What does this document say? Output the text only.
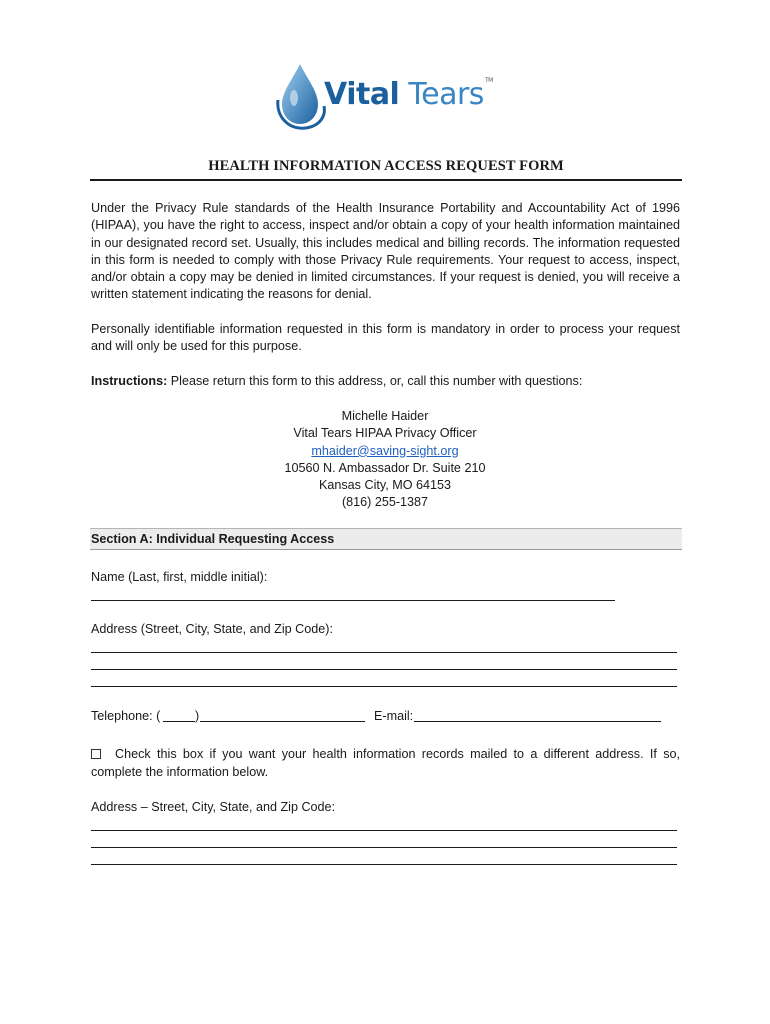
Vital Tears™
HEALTH INFORMATION ACCESS REQUEST FORM

Under the Privacy Rule standards of the Health Insurance Portability and Accountability Act of 1996 (HIPAA), you have the right to access, inspect and/or obtain a copy of your health information maintained in our designated record set. Usually, this includes medical and billing records. The information requested in this form is needed to comply with those Privacy Rule requirements. Your request to access, inspect, and/or obtain a copy may be denied in limited circumstances. If your request is denied, you will receive a written statement indicating the reasons for denial.

Personally identifiable information requested in this form is mandatory in order to process your request and will only be used for this purpose.

Instructions: Please return this form to this address, or, call this number with questions:

Michelle Haider
Vital Tears HIPAA Privacy Officer
mhaider@saving-sight.org
10560 N. Ambassador Dr. Suite 210
Kansas City, MO 64153
(816) 255-1387
Section A: Individual Requesting Access
Name (Last, first, middle initial):
Address (Street, City, State, and Zip Code):
Telephone: (	)	E-mail:

Check this box if you want your health information records mailed to a different address. If so, complete the information below.

Address – Street, City, State, and Zip Code:
